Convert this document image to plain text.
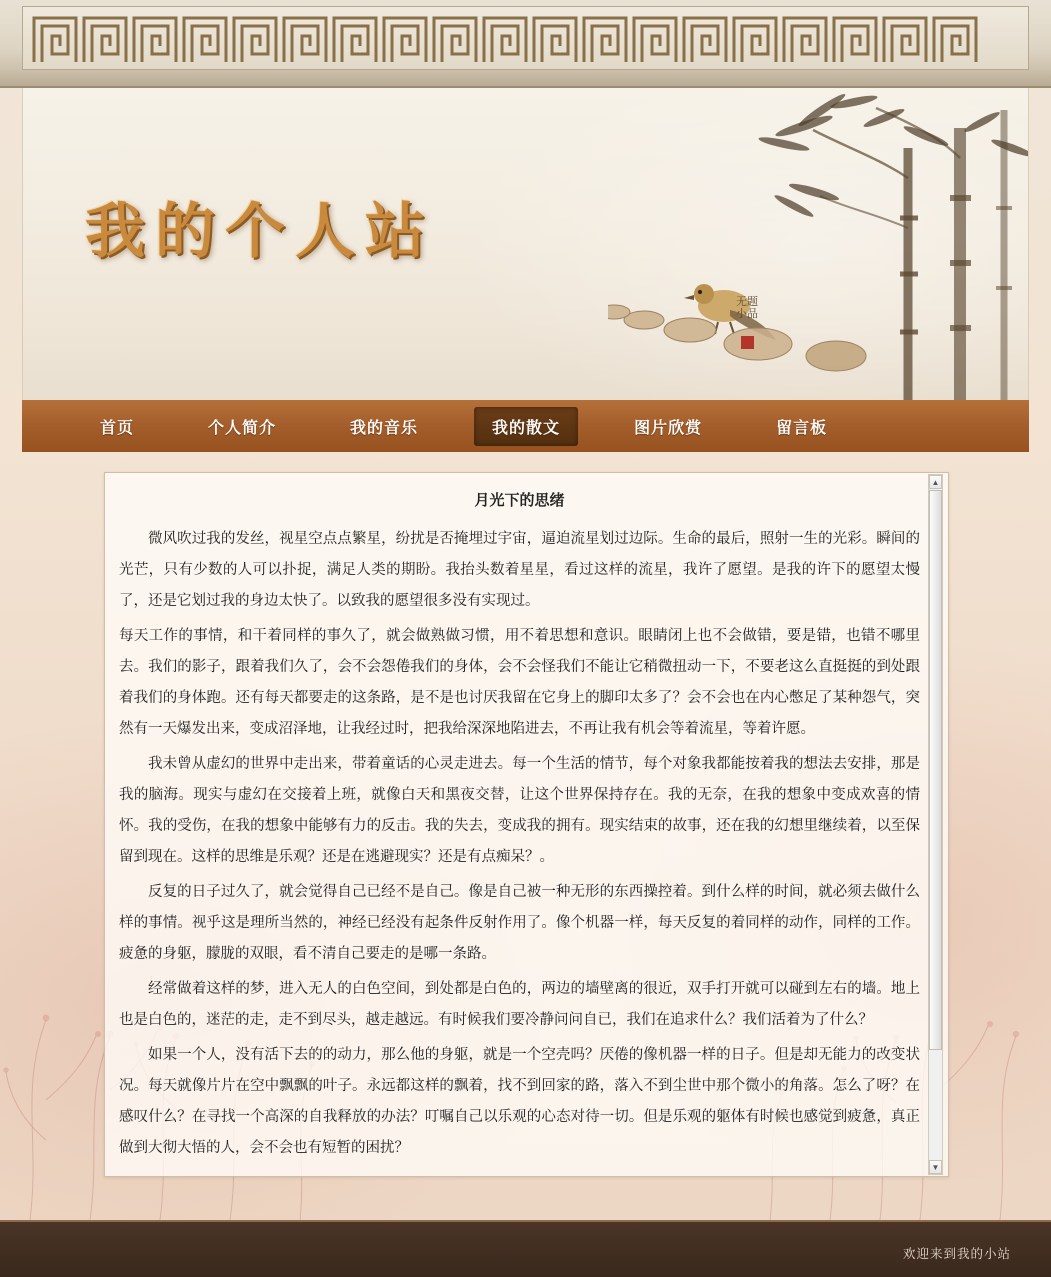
我的个人站
无题 小品
首页	个人简介	我的音乐	我的散文	图片欣赏	留言板
月光下的思绪

微风吹过我的发丝，视星空点点繁星，纷扰是否掩埋过宇宙，逼迫流星划过边际。生命的最后，照射一生的光彩。瞬间的光芒，只有少数的人可以扑捉，满足人类的期盼。我抬头数着星星，看过这样的流星，我许了愿望。是我的许下的愿望太慢了，还是它划过我的身边太快了。以致我的愿望很多没有实现过。

每天工作的事情，和干着同样的事久了，就会做熟做习惯，用不着思想和意识。眼睛闭上也不会做错，要是错，也错不哪里去。我们的影子，跟着我们久了，会不会怨倦我们的身体，会不会怪我们不能让它稍微扭动一下，不要老这么直挺挺的到处跟着我们的身体跑。还有每天都要走的这条路，是不是也讨厌我留在它身上的脚印太多了？会不会也在内心憋足了某种怨气，突然有一天爆发出来，变成沼泽地，让我经过时，把我给深深地陷进去，不再让我有机会等着流星，等着许愿。

我未曾从虚幻的世界中走出来，带着童话的心灵走进去。每一个生活的情节，每个对象我都能按着我的想法去安排，那是我的脑海。现实与虚幻在交接着上班，就像白天和黑夜交替，让这个世界保持存在。我的无奈，在我的想象中变成欢喜的情怀。我的受伤，在我的想象中能够有力的反击。我的失去，变成我的拥有。现实结束的故事，还在我的幻想里继续着，以至保留到现在。这样的思维是乐观？还是在逃避现实？还是有点痴呆？。

反复的日子过久了，就会觉得自己已经不是自己。像是自己被一种无形的东西操控着。到什么样的时间，就必须去做什么样的事情。视乎这是理所当然的，神经已经没有起条件反射作用了。像个机器一样，每天反复的着同样的动作，同样的工作。疲惫的身躯，朦胧的双眼，看不清自己要走的是哪一条路。

经常做着这样的梦，进入无人的白色空间，到处都是白色的，两边的墙壁离的很近，双手打开就可以碰到左右的墙。地上也是白色的，迷茫的走，走不到尽头，越走越远。有时候我们要冷静问问自已，我们在追求什么？我们活着为了什么？

如果一个人，没有活下去的的动力，那么他的身躯，就是一个空壳吗？厌倦的像机器一样的日子。但是却无能力的改变状况。每天就像片片在空中飘飘的叶子。永远都这样的飘着，找不到回家的路，落入不到尘世中那个微小的角落。怎么了呀？在感叹什么？在寻找一个高深的自我释放的办法？叮嘱自己以乐观的心态对待一切。但是乐观的躯体有时候也感觉到疲惫，真正做到大彻大悟的人，会不会也有短暂的困扰？

▲
▼
欢迎来到我的小站
